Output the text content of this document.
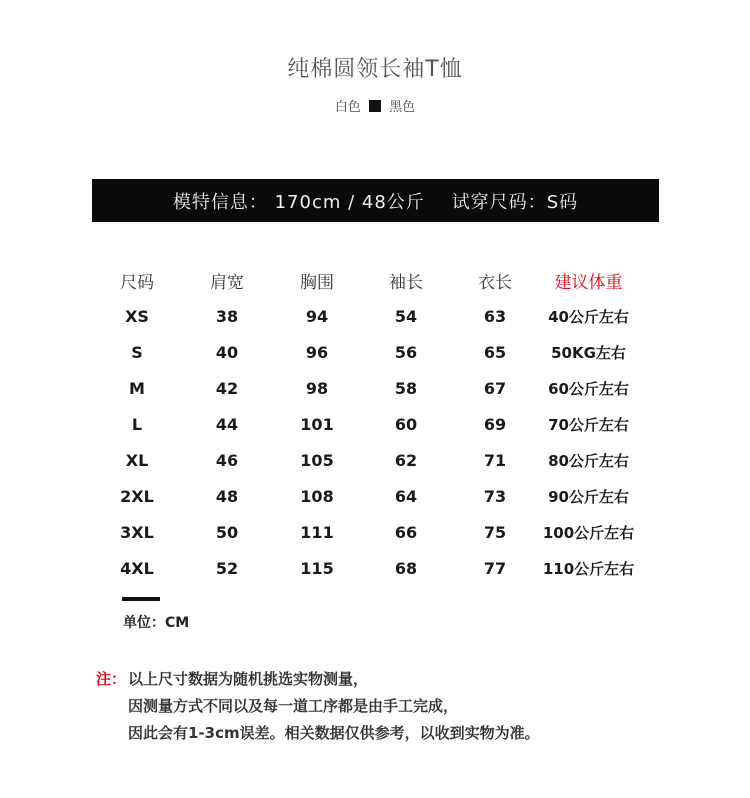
纯棉圆领长袖T恤
白色 黑色
模特信息：
170cm / 48公斤
试穿尺码： S码
尺码	肩宽	胸围	袖长	衣长	建议体重
XS	38	94	54	63	40公斤左右
S	40	96	56	65	50KG左右
M	42	98	58	67	60公斤左右
L	44	101	60	69	70公斤左右
XL	46	105	62	71	80公斤左右
2XL	48	108	64	73	90公斤左右
3XL	50	111	66	75	100公斤左右
4XL	52	115	68	77	110公斤左右
单位：CM
注： 以上尺寸数据为随机挑选实物测量，
因测量方式不同以及每一道工序都是由手工完成，
因此会有1-3cm误差。相关数据仅供参考，以收到实物为准。
